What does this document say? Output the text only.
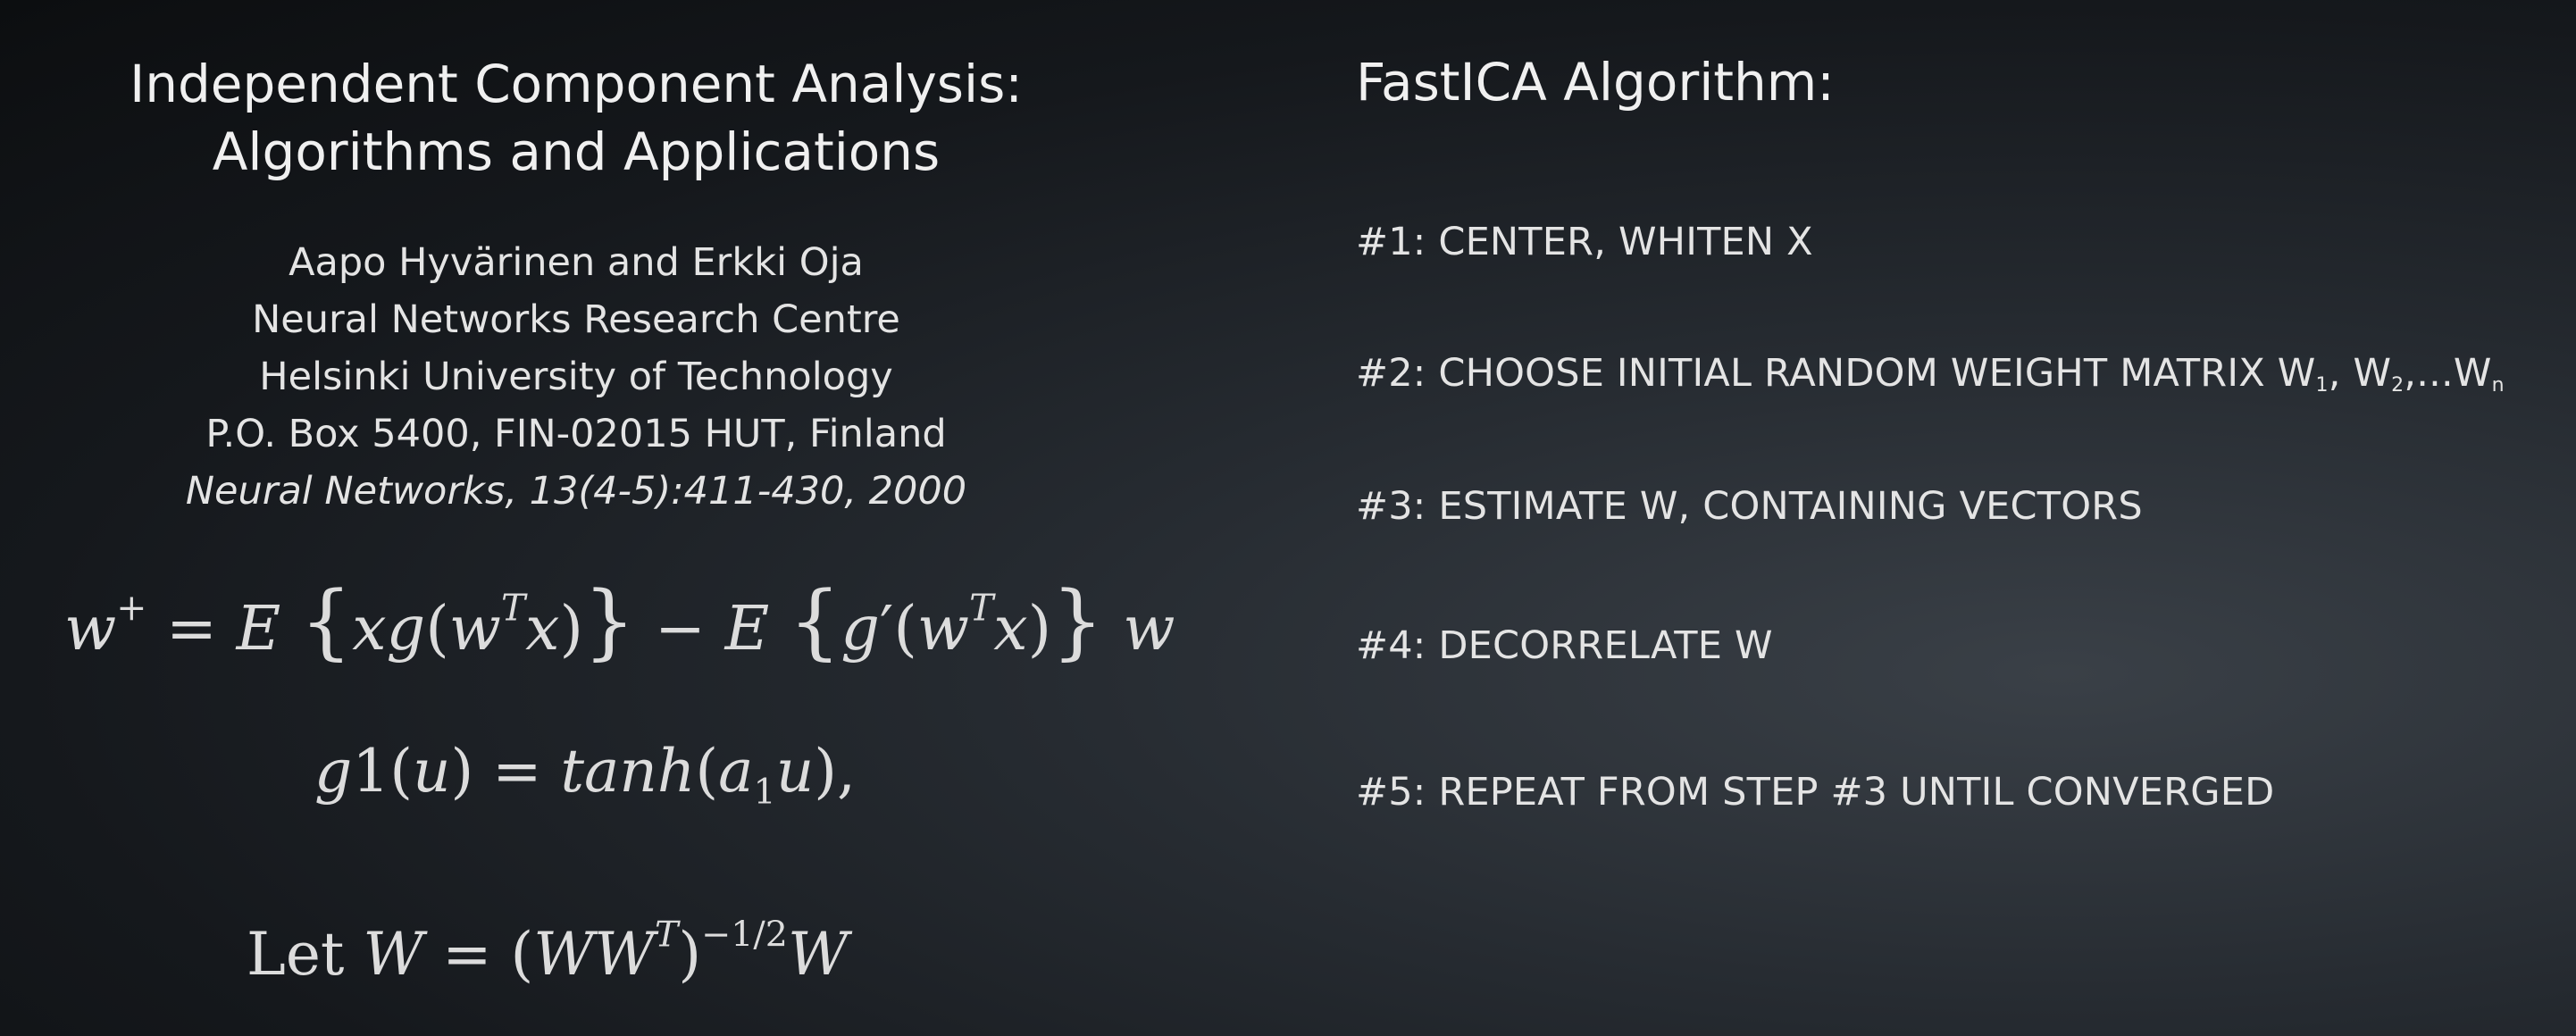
Independent Component Analysis:
Algorithms and Applications
Aapo Hyvärinen and Erkki Oja
Neural Networks Research Centre
Helsinki University of Technology
P.O. Box 5400, FIN-02015 HUT, Finland
Neural Networks, 13(4-5):411-430, 2000
w+ = E $\{xg(w^Tx)\} - E$ $\{g'(w^Tx)\}$ w
$g1(u) = \tanh(a_1u)$,
Let $W = (WW^T)^{-1/2}W$
FastICA Algorithm:
#1: CENTER, WHITEN X
#2: CHOOSE INITIAL RANDOM WEIGHT MATRIX $W_1$, $W_2,...W_n$
#3: ESTIMATE W, CONTAINING VECTORS
#4: DECORRELATE W
#5: REPEAT FROM STEP #3 UNTIL CONVERGED
